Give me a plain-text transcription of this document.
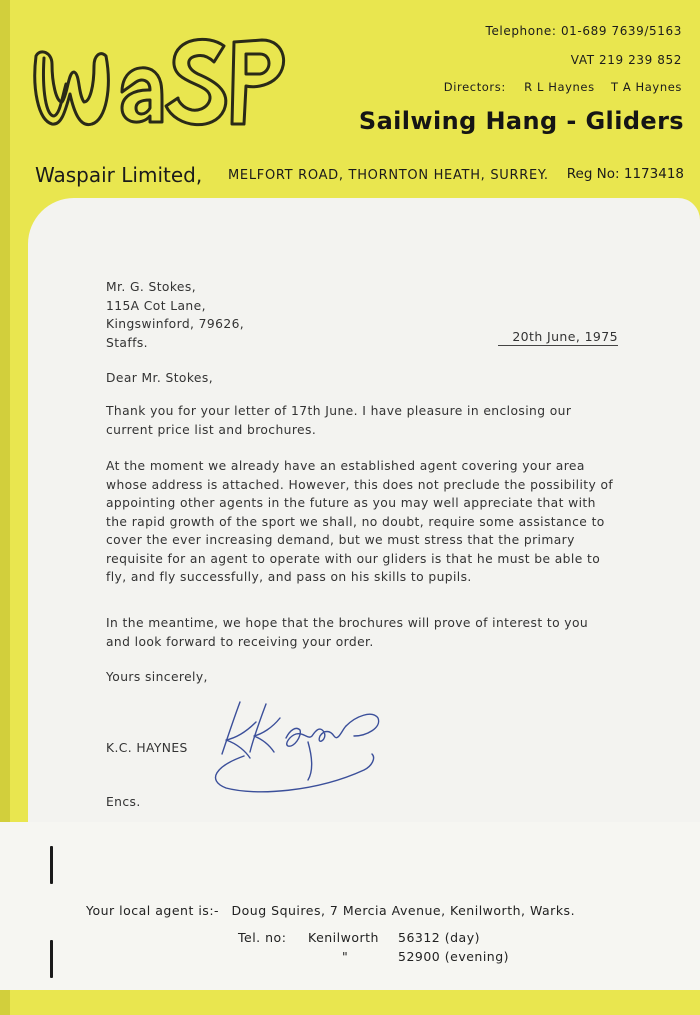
Telephone: 01-689 7639/5163
VAT 219 239 852
Directors: R L Haynes T A Haynes
Sailwing Hang - Gliders
Waspair Limited, MELFORT ROAD, THORNTON HEATH, SURREY. Reg No: 1173418
Mr. G. Stokes,
115A Cot Lane,
Kingswinford, 79626,
Staffs.	20th June, 1975
Dear Mr. Stokes,

Thank you for your letter of 17th June. I have pleasure in enclosing our current price list and brochures.

At the moment we already have an established agent covering your area whose address is attached. However, this does not preclude the possibility of appointing other agents in the future as you may well appreciate that with the rapid growth of the sport we shall, no doubt, require some assistance to cover the ever increasing demand, but we must stress that the primary requisite for an agent to operate with our gliders is that he must be able to fly, and fly successfully, and pass on his skills to pupils.

In the meantime, we hope that the brochures will prove of interest to you and look forward to receiving your order.

Yours sincerely,
K.C. HAYNES
Encs.
Your local agent is:- Doug Squires, 7 Mercia Avenue, Kenilworth, Warks.
Tel. no: Kenilworth 56312 (day)
"	52900 (evening)
